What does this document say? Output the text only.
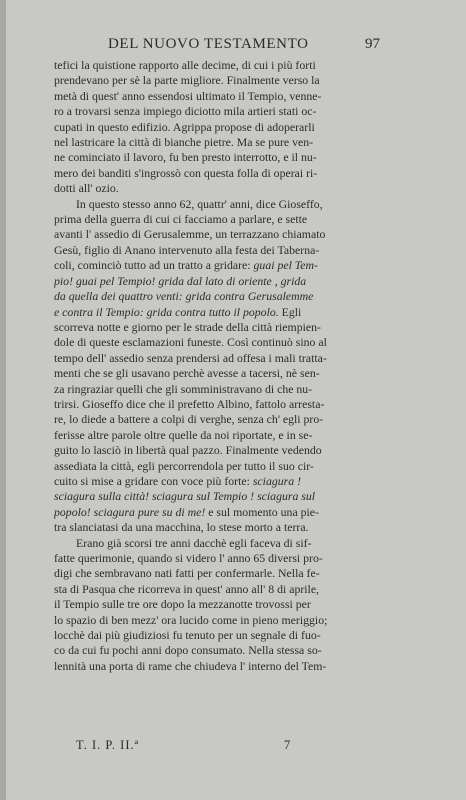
DEL NUOVO TESTAMENTO	97
tefici la quistione rapporto alle decime, di cui i più forti
prendevano per sè la parte migliore. Finalmente verso la
metà di quest' anno essendosi ultimato il Tempio, venne-
ro a trovarsi senza impiego diciotto mila artieri stati oc-
cupati in questo edifizio. Agrippa propose di adoperarli
nel lastricare la città di bianche pietre. Ma se pure ven-
ne cominciato il lavoro, fu ben presto interrotto, e il nu-
mero dei banditi s'ingrossò con questa folla di operai ri-
dotti all' ozio.
In questo stesso anno 62, quattr' anni, dice Gioseffo,
prima della guerra di cui ci facciamo a parlare, e sette
avanti l' assedio di Gerusalemme, un terrazzano chiamato
Gesù, figlio di Anano intervenuto alla festa dei Taberna-
coli, cominciò tutto ad un tratto a gridare: guai pel Tem-
pio! guai pel Tempio! grida dal lato di oriente , grida
da quella dei quattro venti: grida contra Gerusalemme
e contra il Tempio: grida contra tutto il popolo. Egli
scorreva notte e giorno per le strade della città riempien-
dole di queste esclamazioni funeste. Così continuò sino al
tempo dell' assedio senza prendersi ad offesa i mali tratta-
menti che se gli usavano perchè avesse a tacersi, nè sen-
za ringraziar quelli che gli somministravano di che nu-
trirsi. Gioseffo dice che il prefetto Albino, fattolo arresta-
re, lo diede a battere a colpi di verghe, senza ch' egli pro-
ferisse altre parole oltre quelle da noi riportate, e in se-
guito lo lasciò in libertà qual pazzo. Finalmente vedendo
assediata la città, egli percorrendola per tutto il suo cir-
cuito si mise a gridare con voce più forte: sciagura !
sciagura sulla città! sciagura sul Tempio ! sciagura sul
popolo! sciagura pure su di me! e sul momento una pie-
tra slanciatasi da una macchina, lo stese morto a terra.
Erano già scorsi tre anni dacchè egli faceva di sif-
fatte querimonie, quando si videro l' anno 65 diversi pro-
digi che sembravano nati fatti per confermarle. Nella fe-
sta di Pasqua che ricorreva in quest' anno all' 8 di aprile,
il Tempio sulle tre ore dopo la mezzanotte trovossi per
lo spazio di ben mezz' ora lucido come in pieno meriggio;
locchè dai più giudiziosi fu tenuto per un segnale di fuo-
co da cui fu pochi anni dopo consumato. Nella stessa so-
lennità una porta di rame che chiudeva l' interno del Tem-
T. I. P. II.ª	7
